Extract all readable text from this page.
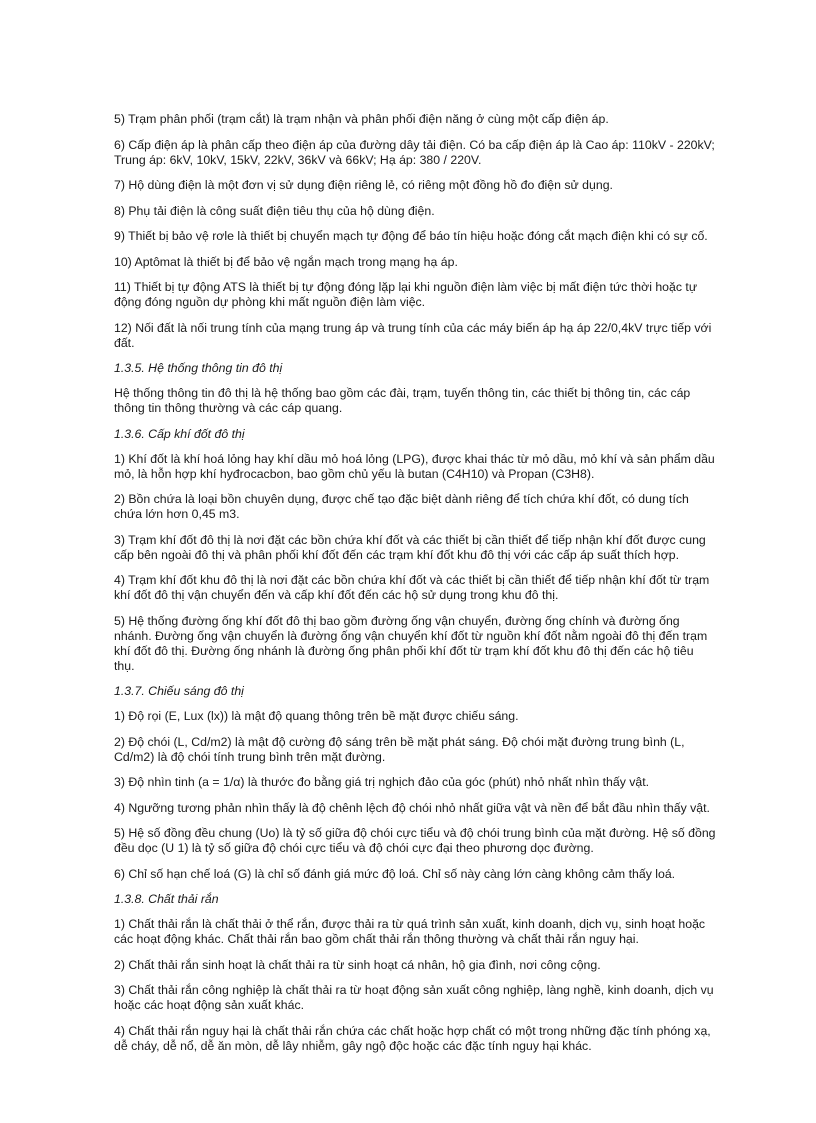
5) Trạm phân phối (trạm cắt) là trạm nhận và phân phối điện năng ở cùng một cấp điện áp.

6) Cấp điện áp là phân cấp theo điện áp của đường dây tải điện. Có ba cấp điện áp là Cao áp: 110kV - 220kV; Trung áp: 6kV, 10kV, 15kV, 22kV, 36kV và 66kV; Hạ áp: 380 / 220V.

7) Hộ dùng điện là một đơn vị sử dụng điện riêng lẻ, có riêng một đồng hồ đo điện sử dụng.

8) Phụ tải điện là công suất điện tiêu thụ của hộ dùng điện.

9) Thiết bị bảo vệ rơle là thiết bị chuyển mạch tự động để báo tín hiệu hoặc đóng cắt mạch điện khi có sự cố.

10) Aptômat là thiết bị để bảo vệ ngắn mạch trong mạng hạ áp.

11) Thiết bị tự động ATS là thiết bị tự động đóng lặp lại khi nguồn điện làm việc bị mất điện tức thời hoặc tự động đóng nguồn dự phòng khi mất nguồn điện làm việc.

12) Nối đất là nối trung tính của mạng trung áp và trung tính của các máy biến áp hạ áp 22/0,4kV trực tiếp với đất.

1.3.5. Hệ thống thông tin đô thị

Hệ thống thông tin đô thị là hệ thống bao gồm các đài, trạm, tuyến thông tin, các thiết bị thông tin, các cáp thông tin thông thường và các cáp quang.

1.3.6. Cấp khí đốt đô thị

1) Khí đốt là khí hoá lỏng hay khí dầu mỏ hoá lỏng (LPG), được khai thác từ mỏ dầu, mỏ khí và sản phẩm dầu mỏ, là hỗn hợp khí hyđrocacbon, bao gồm chủ yếu là butan (C4H10) và Propan (C3H8).

2) Bồn chứa là loại bồn chuyên dụng, được chế tạo đặc biệt dành riêng để tích chứa khí đốt, có dung tích chứa lớn hơn 0,45 m3.

3) Trạm khí đốt đô thị là nơi đặt các bồn chứa khí đốt và các thiết bị cần thiết để tiếp nhận khí đốt được cung cấp bên ngoài đô thị và phân phối khí đốt đến các trạm khí đốt khu đô thị với các cấp áp suất thích hợp.

4) Trạm khí đốt khu đô thị là nơi đặt các bồn chứa khí đốt và các thiết bị cần thiết để tiếp nhận khí đốt từ trạm khí đốt đô thị vận chuyển đến và cấp khí đốt đến các hộ sử dụng trong khu đô thị.

5) Hệ thống đường ống khí đốt đô thị bao gồm đường ống vận chuyển, đường ống chính và đường ống nhánh. Đường ống vận chuyển là đường ống vận chuyển khí đốt từ nguồn khí đốt nằm ngoài đô thị đến trạm khí đốt đô thị. Đường ống nhánh là đường ống phân phối khí đốt từ trạm khí đốt khu đô thị đến các hộ tiêu thụ.

1.3.7. Chiếu sáng đô thị

1) Độ rọi (E, Lux (lx)) là mật độ quang thông trên bề mặt được chiếu sáng.

2) Độ chói (L, Cd/m2) là mật độ cường độ sáng trên bề mặt phát sáng. Độ chói mặt đường trung bình (L, Cd/m2) là độ chói tính trung bình trên mặt đường.

3) Độ nhìn tinh (a = 1/α) là thước đo bằng giá trị nghịch đảo của góc (phút) nhỏ nhất nhìn thấy vật.

4) Ngưỡng tương phản nhìn thấy là độ chênh lệch độ chói nhỏ nhất giữa vật và nền để bắt đầu nhìn thấy vật.

5) Hệ số đồng đều chung (Uo) là tỷ số giữa độ chói cực tiểu và độ chói trung bình của mặt đường. Hệ số đồng đều dọc (U 1) là tỷ số giữa độ chói cực tiểu và độ chói cực đại theo phương dọc đường.

6) Chỉ số hạn chế loá (G) là chỉ số đánh giá mức độ loá. Chỉ số này càng lớn càng không cảm thấy loá.

1.3.8. Chất thải rắn

1) Chất thải rắn là chất thải ở thể rắn, được thải ra từ quá trình sản xuất, kinh doanh, dịch vụ, sinh hoạt hoặc các hoạt động khác. Chất thải rắn bao gồm chất thải rắn thông thường và chất thải rắn nguy hại.

2) Chất thải rắn sinh hoạt là chất thải ra từ sinh hoạt cá nhân, hộ gia đình, nơi công cộng.

3) Chất thải rắn công nghiệp là chất thải ra từ hoạt động sản xuất công nghiệp, làng nghề, kinh doanh, dịch vụ hoặc các hoạt động sản xuất khác.

4) Chất thải rắn nguy hại là chất thải rắn chứa các chất hoặc hợp chất có một trong những đặc tính phóng xạ, dễ cháy, dễ nổ, dễ ăn mòn, dễ lây nhiễm, gây ngộ độc hoặc các đặc tính nguy hại khác.
